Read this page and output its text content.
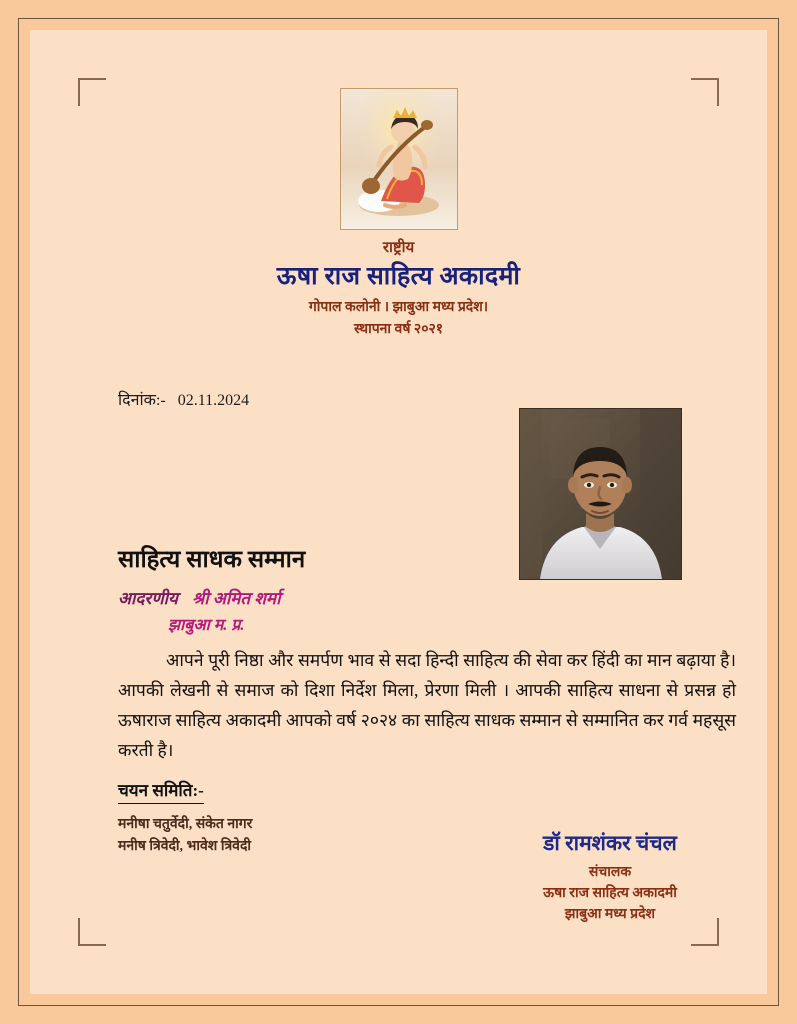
राष्ट्रीय
ऊषा राज साहित्य अकादमी
गोपाल कलोनी । झाबुआ मध्य प्रदेश।
स्थापना वर्ष २०२१
दिनांक:- 02.11.2024
साहित्य साधक सम्मान
आदरणीय श्री अमित शर्मा
झाबुआ म. प्र.
आपने पूरी निष्ठा और समर्पण भाव से सदा हिन्दी साहित्य की सेवा कर हिंदी का मान बढ़ाया है। आपकी लेखनी से समाज को दिशा निर्देश मिला, प्रेरणा मिली । आपकी साहित्य साधना से प्रसन्न हो ऊषाराज साहित्य अकादमी आपको वर्ष २०२४ का साहित्य साधक सम्मान से सम्मानित कर गर्व महसूस करती है।
चयन समिति:-
मनीषा चतुर्वेदी, संकेत नागर
मनीष त्रिवेदी, भावेश त्रिवेदी	डॉ रामशंकर चंचल
संचालक
ऊषा राज साहित्य अकादमी
झाबुआ मध्य प्रदेश
